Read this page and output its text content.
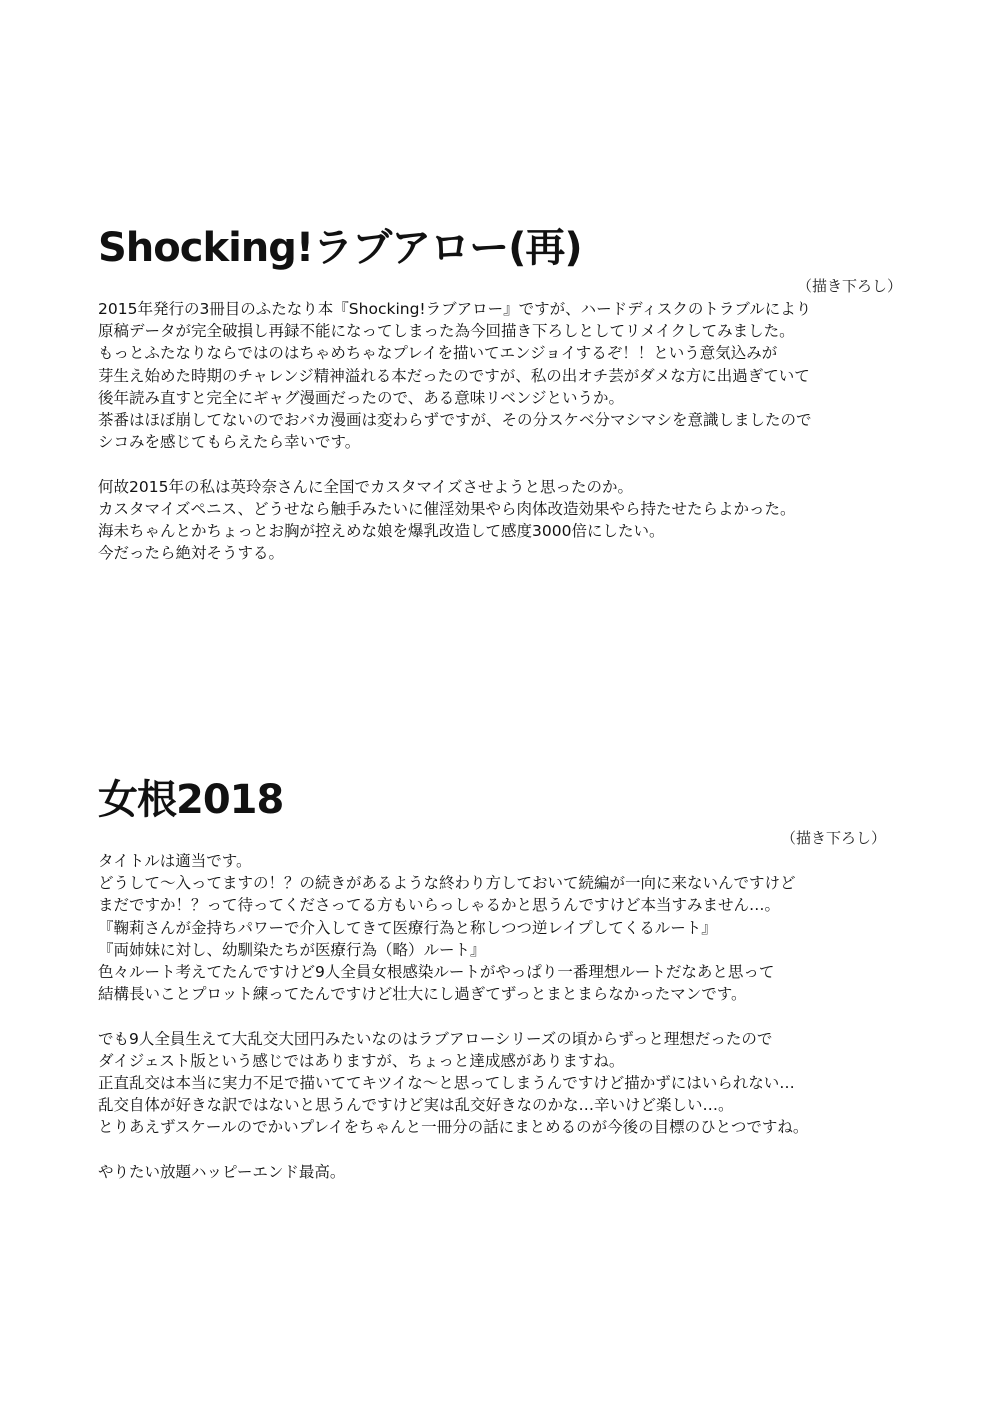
Shocking!ラブアロー(再)
（描き下ろし）
2015年発行の3冊目のふたなり本『Shocking!ラブアロー』ですが、ハードディスクのトラブルにより
原稿データが完全破損し再録不能になってしまった為今回描き下ろしとしてリメイクしてみました。
もっとふたなりならではのはちゃめちゃなプレイを描いてエンジョイするぞ！！という意気込みが
芽生え始めた時期のチャレンジ精神溢れる本だったのですが、私の出オチ芸がダメな方に出過ぎていて
後年読み直すと完全にギャグ漫画だったので、ある意味リベンジというか。
茶番はほぼ崩してないのでおバカ漫画は変わらずですが、その分スケベ分マシマシを意識しましたので
シコみを感じてもらえたら幸いです。
何故2015年の私は英玲奈さんに全国でカスタマイズさせようと思ったのか。
カスタマイズペニス、どうせなら触手みたいに催淫効果やら肉体改造効果やら持たせたらよかった。
海未ちゃんとかちょっとお胸が控えめな娘を爆乳改造して感度3000倍にしたい。
今だったら絶対そうする。
女根2018
（描き下ろし）
タイトルは適当です。
どうして〜入ってますの！？の続きがあるような終わり方しておいて続編が一向に来ないんですけど
まだですか！？って待ってくださってる方もいらっしゃるかと思うんですけど本当すみません…。
『鞠莉さんが金持ちパワーで介入してきて医療行為と称しつつ逆レイプしてくるルート』
『両姉妹に対し、幼馴染たちが医療行為（略）ルート』
色々ルート考えてたんですけど9人全員女根感染ルートがやっぱり一番理想ルートだなあと思って
結構長いことプロット練ってたんですけど壮大にし過ぎてずっとまとまらなかったマンです。
でも9人全員生えて大乱交大団円みたいなのはラブアローシリーズの頃からずっと理想だったので
ダイジェスト版という感じではありますが、ちょっと達成感がありますね。
正直乱交は本当に実力不足で描いててキツイな〜と思ってしまうんですけど描かずにはいられない…
乱交自体が好きな訳ではないと思うんですけど実は乱交好きなのかな…辛いけど楽しい…。
とりあえずスケールのでかいプレイをちゃんと一冊分の話にまとめるのが今後の目標のひとつですね。
やりたい放題ハッピーエンド最高。
